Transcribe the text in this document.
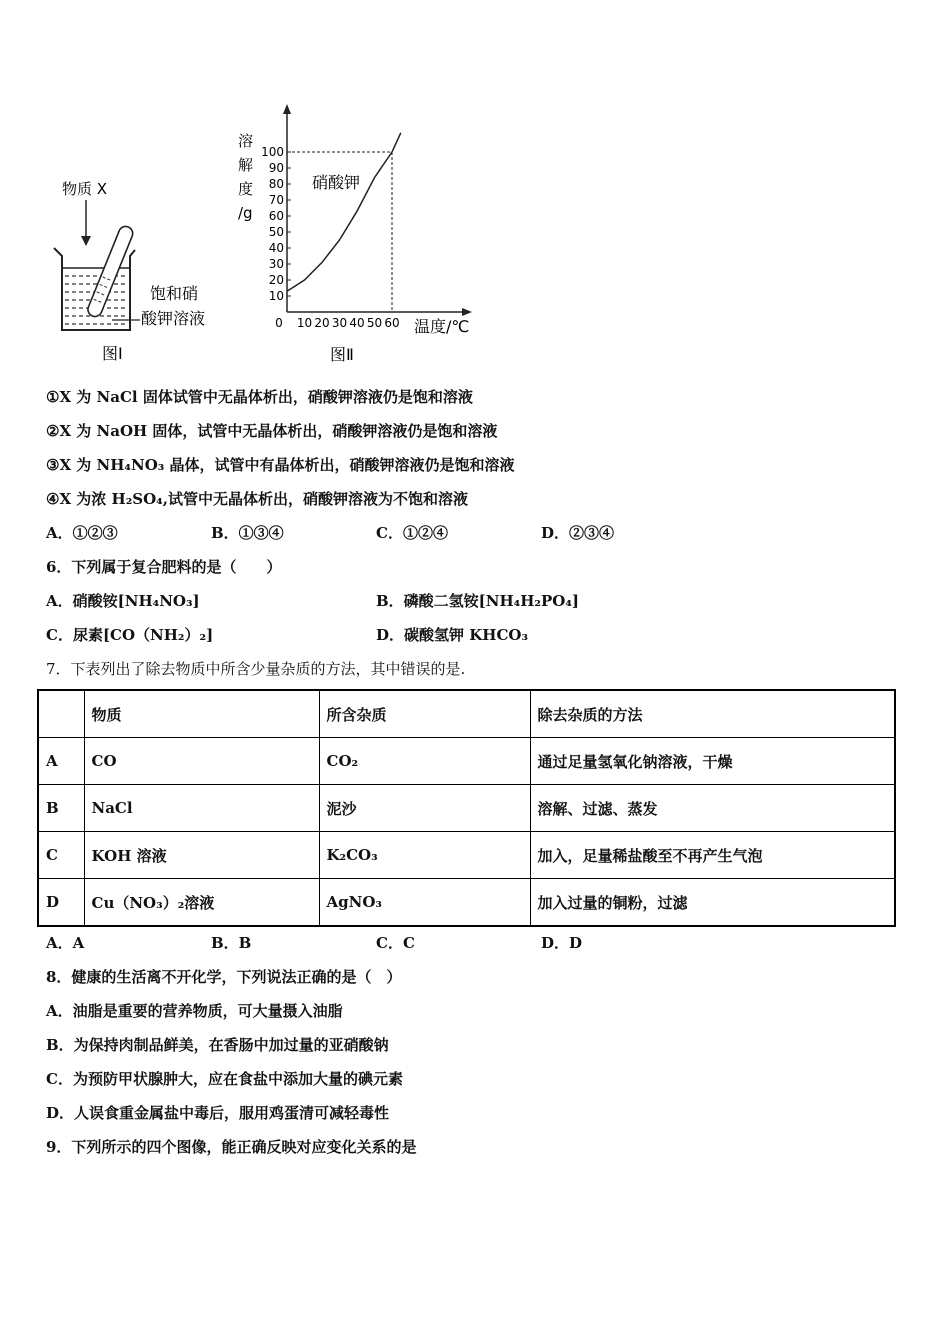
物质 X
饱和硝
酸钾溶液
图Ⅰ
溶
解
度
/g
10
20
30
40
50
60
70
80
90
100
0 10 20 30 40 50 60
硝酸钾
温度/℃
图Ⅱ
①X 为 NaCl 固体试管中无晶体析出，硝酸钾溶液仍是饱和溶液
②X 为 NaOH 固体，试管中无晶体析出，硝酸钾溶液仍是饱和溶液
③X 为 NH₄NO₃ 晶体，试管中有晶体析出，硝酸钾溶液仍是饱和溶液
④X 为浓 H₂SO₄,试管中无晶体析出，硝酸钾溶液为不饱和溶液
A．①②③	B．①③④	C．①②④	D．②③④
6．下列属于复合肥料的是（　　）
A．硝酸铵[NH₄NO₃]	B．磷酸二氢铵[NH₄H₂PO₄]
C．尿素[CO（NH₂）₂]	D．碳酸氢钾 KHCO₃
7．下表列出了除去物质中所含少量杂质的方法，其中错误的是.
	物质	所含杂质	除去杂质的方法
A	CO	CO₂	通过足量氢氧化钠溶液，干燥
B	NaCl	泥沙	溶解、过滤、蒸发
C	KOH 溶液	K₂CO₃	加入，足量稀盐酸至不再产生气泡
D	Cu（NO₃）₂溶液	AgNO₃	加入过量的铜粉，过滤
A．A	B．B	C．C	D．D
8．健康的生活离不开化学，下列说法正确的是（　）
A．油脂是重要的营养物质，可大量摄入油脂
B．为保持肉制品鲜美，在香肠中加过量的亚硝酸钠
C．为预防甲状腺肿大，应在食盐中添加大量的碘元素
D．人误食重金属盐中毒后，服用鸡蛋清可减轻毒性
9．下列所示的四个图像，能正确反映对应变化关系的是
